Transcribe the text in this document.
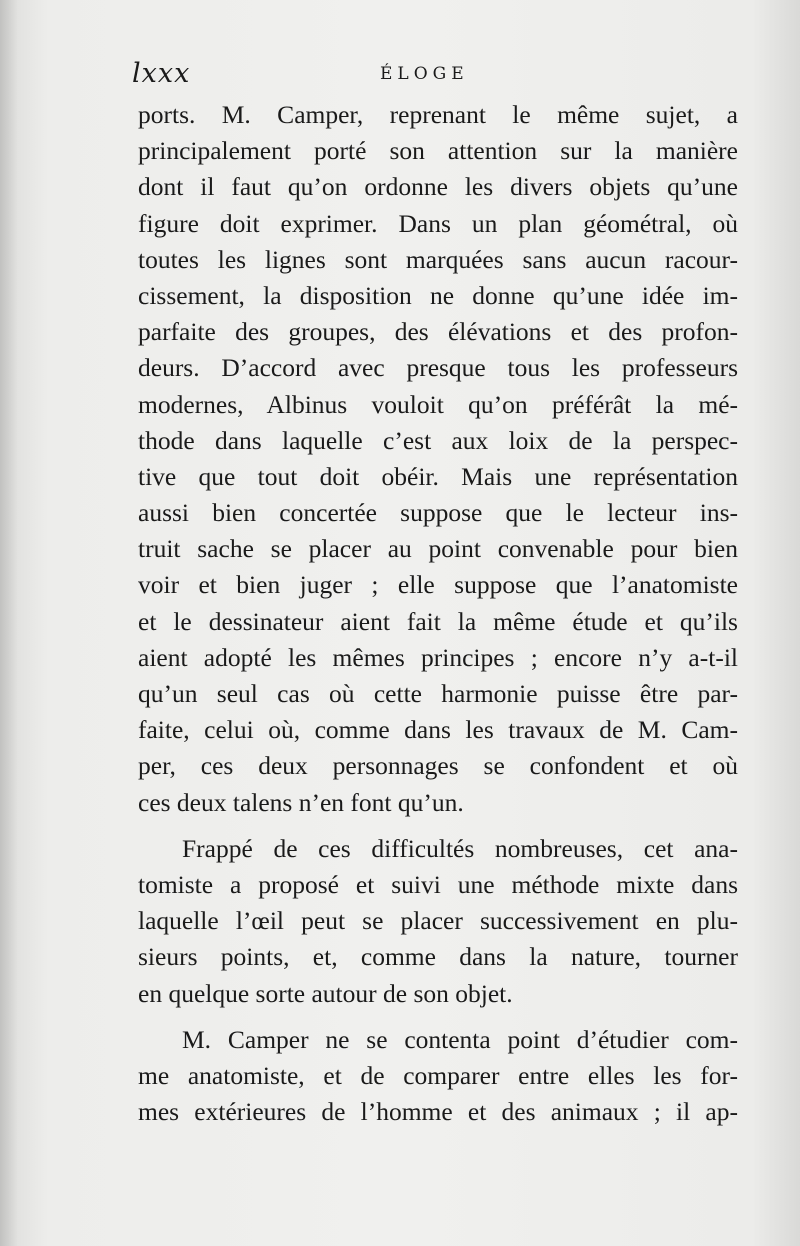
lxxx	ÉLOGE
ports. M. Camper, reprenant le même sujet, a
principalement porté son attention sur la manière
dont il faut qu’on ordonne les divers objets qu’une
figure doit exprimer. Dans un plan géométral, où
toutes les lignes sont marquées sans aucun racour-
cissement, la disposition ne donne qu’une idée im-
parfaite des groupes, des élévations et des profon-
deurs. D’accord avec presque tous les professeurs
modernes, Albinus vouloit qu’on préférât la mé-
thode dans laquelle c’est aux loix de la perspec-
tive que tout doit obéir. Mais une représentation
aussi bien concertée suppose que le lecteur ins-
truit sache se placer au point convenable pour bien
voir et bien juger ; elle suppose que l’anatomiste
et le dessinateur aient fait la même étude et qu’ils
aient adopté les mêmes principes ; encore n’y a-t-il
qu’un seul cas où cette harmonie puisse être par-
faite, celui où, comme dans les travaux de M. Cam-
per, ces deux personnages se confondent et où
ces deux talens n’en font qu’un.
Frappé de ces difficultés nombreuses, cet ana-
tomiste a proposé et suivi une méthode mixte dans
laquelle l’œil peut se placer successivement en plu-
sieurs points, et, comme dans la nature, tourner
en quelque sorte autour de son objet.
M. Camper ne se contenta point d’étudier com-
me anatomiste, et de comparer entre elles les for-
mes extérieures de l’homme et des animaux ; il ap-
